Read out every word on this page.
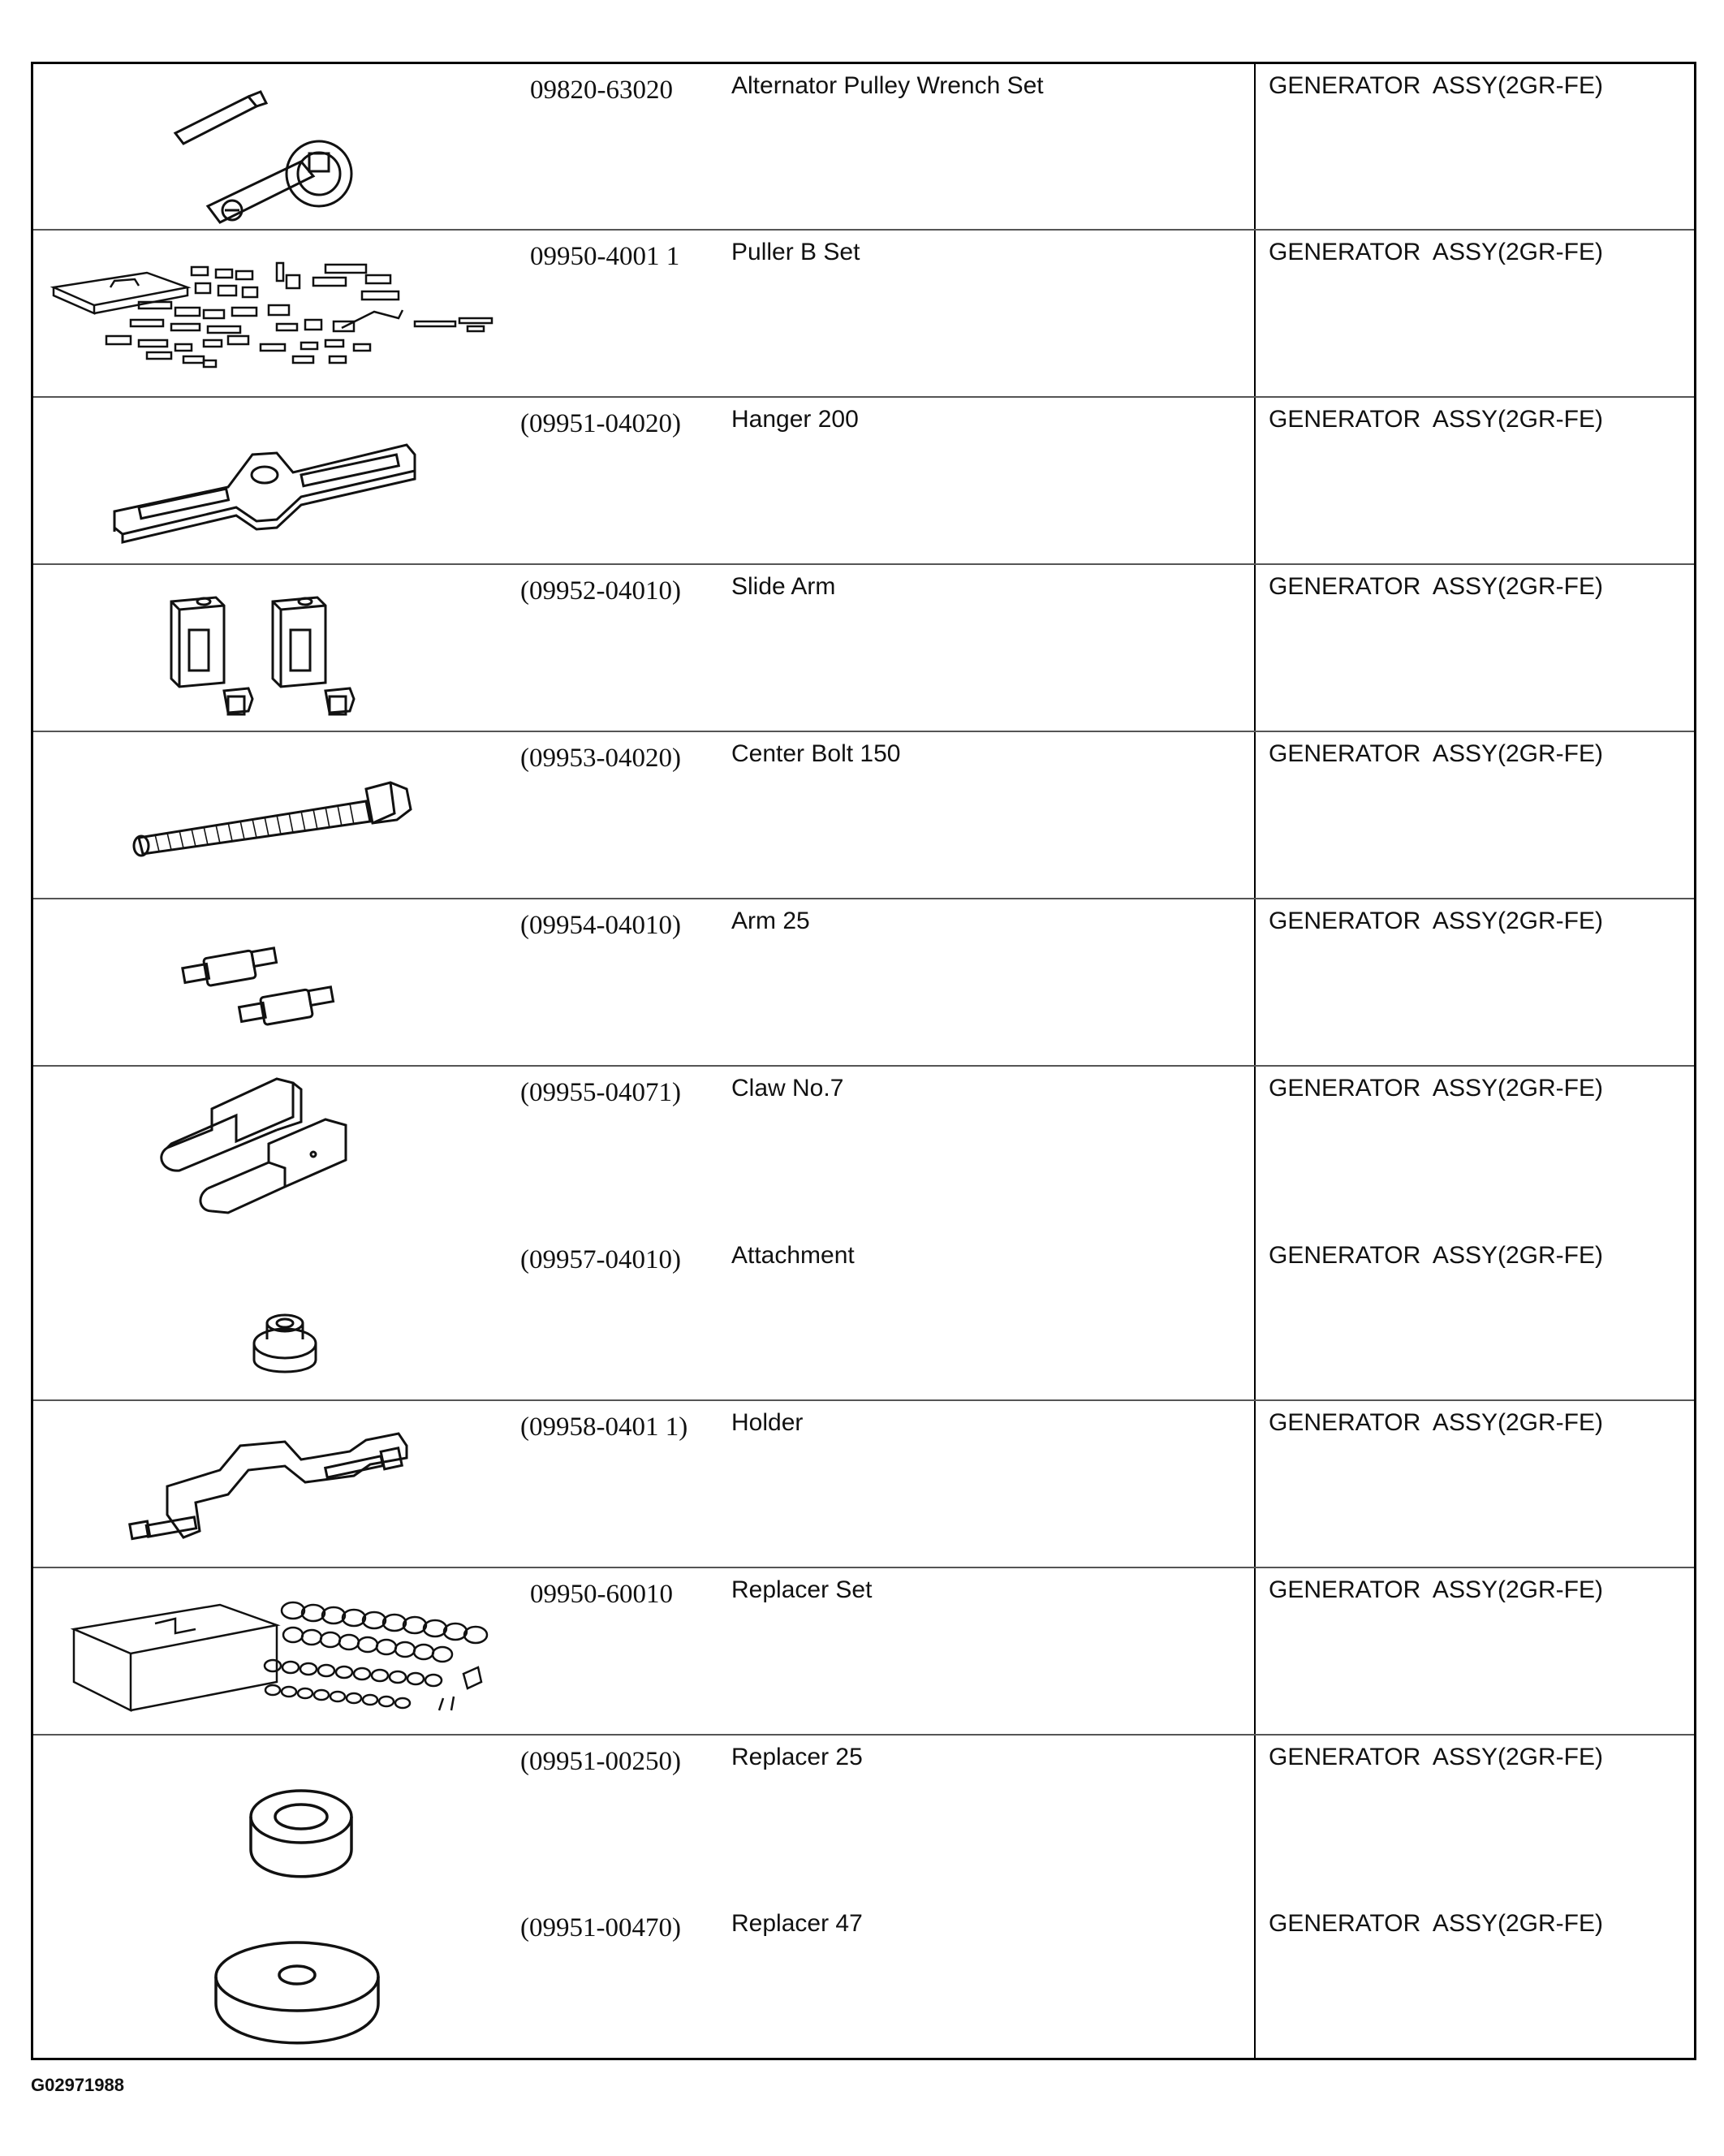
09820-63020 Alternator Pulley Wrench Set	GENERATOR ASSY(2GR-FE)
09950-4001 1 Puller B Set	GENERATOR ASSY(2GR-FE)
(09951-04020) Hanger 200	GENERATOR ASSY(2GR-FE)
(09952-04010) Slide Arm	GENERATOR ASSY(2GR-FE)
(09953-04020) Center Bolt 150	GENERATOR ASSY(2GR-FE)
(09954-04010) Arm 25	GENERATOR ASSY(2GR-FE)
(09955-04071) Claw No.7	GENERATOR ASSY(2GR-FE)
(09957-04010) Attachment	GENERATOR ASSY(2GR-FE)
(09958-0401 1) Holder	GENERATOR ASSY(2GR-FE)
09950-60010 Replacer Set	GENERATOR ASSY(2GR-FE)
(09951-00250) Replacer 25	GENERATOR ASSY(2GR-FE)
(09951-00470) Replacer 47	GENERATOR ASSY(2GR-FE)
G02971988
